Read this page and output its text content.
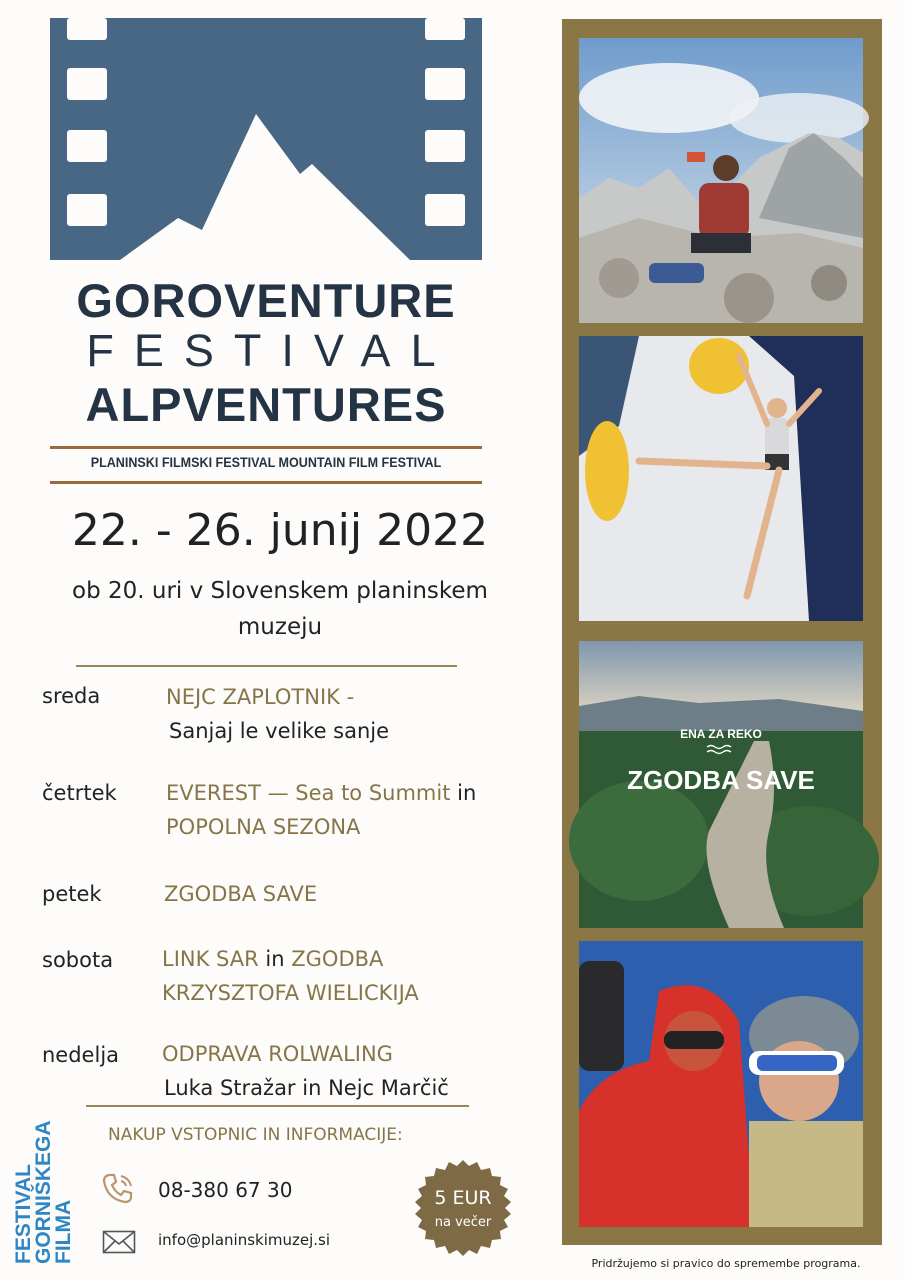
GOROVENTURE
FESTIVAL
ALPVENTURES
PLANINSKI FILMSKI FESTIVAL MOUNTAIN FILM FESTIVAL
22. - 26. junij 2022
ob 20. uri v Slovenskem planinskem muzeju
sreda	NEJC ZAPLOTNIK -
Sanjaj le velike sanje
četrtek EVEREST — Sea to Summit in
POPOLNA SEZONA
petek	ZGODBA SAVE
sobota LINK SAR in ZGODBA
KRZYSZTOFA WIELICKIJA
nedelja ODPRAVA ROLWALING
Luka Stražar in Nejc Marčič
NAKUP VSTOPNIC IN INFORMACIJE:
08-380 67 30
info@planinskimuzej.si
5 EUR
na večer
FESTIVAL
GORNIŠKEGA
FILMA
ENA ZA REKO
ZGODBA SAVE
Pridržujemo si pravico do spremembe programa.
